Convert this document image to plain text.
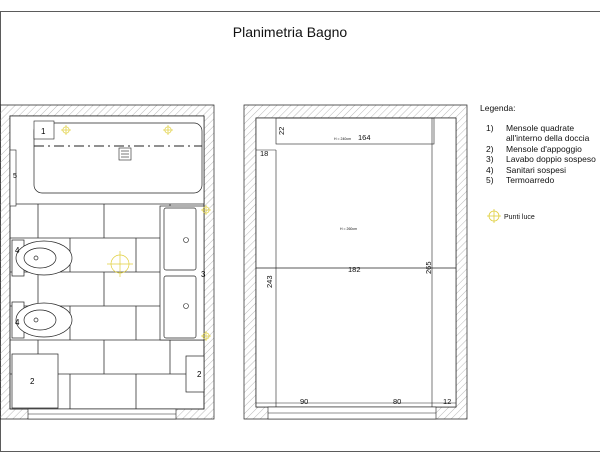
1
5
4
4
3
2
2
164
22
18
182
243
265
90	80	12
H = 240cm
H = 260cm
Planimetria Bagno
Legenda:
1)	Mensole quadrate
all'interno della doccia
2)	Mensole d'appoggio
3)	Lavabo doppio sospeso
4)	Sanitari sospesi
5)	Termoarredo
Punti luce
